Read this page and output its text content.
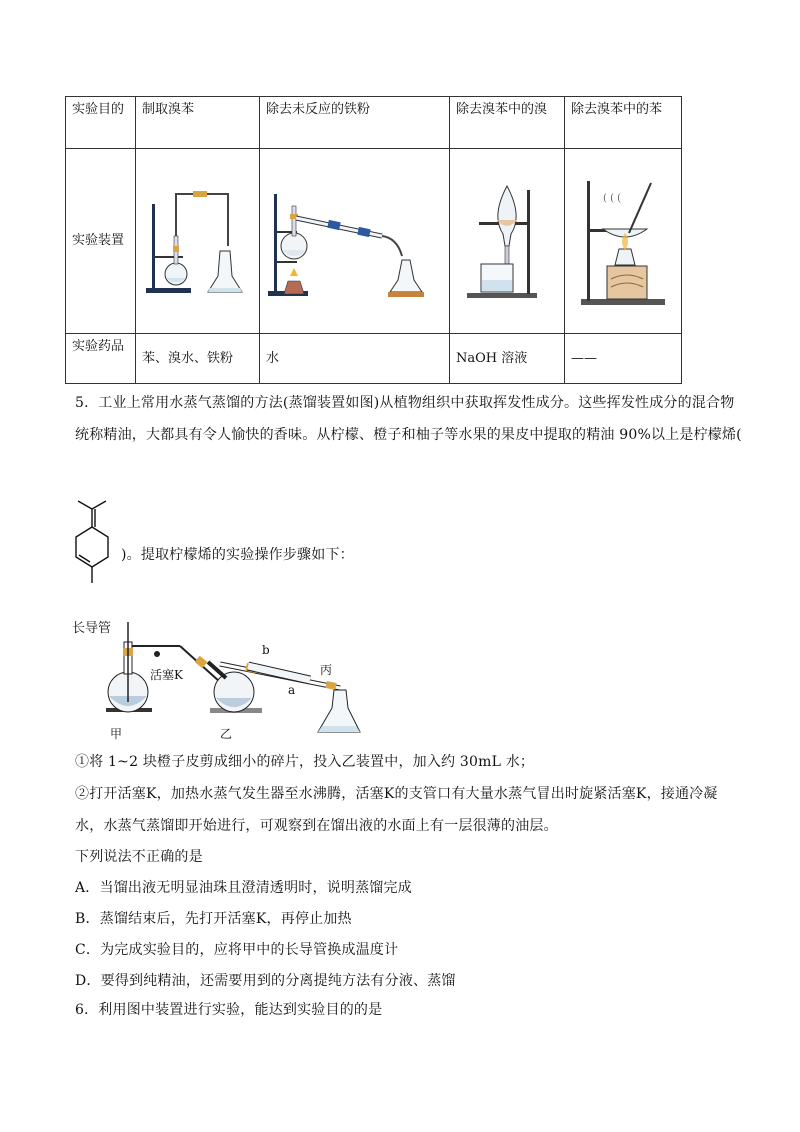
实验目的	制取溴苯	除去未反应的铁粉	除去溴苯中的溴	除去溴苯中的苯
实验装置				( ( (

实验药品	苯、溴水、铁粉	水	NaOH 溶液	——
5．工业上常用水蒸气蒸馏的方法(蒸馏装置如图)从植物组织中获取挥发性成分。这些挥发性成分的混合物
统称精油，大都具有令人愉快的香味。从柠檬、橙子和柚子等水果的果皮中提取的精油 90%以上是柠檬烯(
)。提取柠檬烯的实验操作步骤如下：
长导管
活塞K
甲	乙
b
a
丙
①将 1~2 块橙子皮剪成细小的碎片，投入乙装置中，加入约 30mL 水；
②打开活塞K，加热水蒸气发生器至水沸腾，活塞K的支管口有大量水蒸气冒出时旋紧活塞K，接通冷凝
水，水蒸气蒸馏即开始进行，可观察到在馏出液的水面上有一层很薄的油层。
下列说法不正确的是
A．当馏出液无明显油珠且澄清透明时，说明蒸馏完成
B．蒸馏结束后，先打开活塞K，再停止加热
C．为完成实验目的，应将甲中的长导管换成温度计
D．要得到纯精油，还需要用到的分离提纯方法有分液、蒸馏
6．利用图中装置进行实验，能达到实验目的的是
